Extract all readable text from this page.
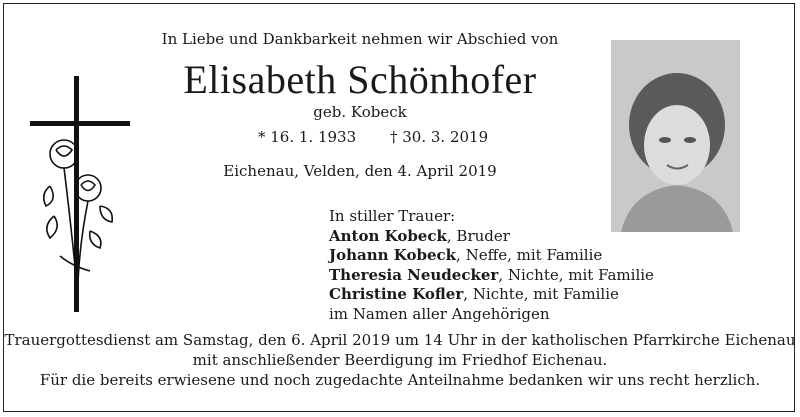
In Liebe und Dankbarkeit nehmen wir Abschied von
Elisabeth Schönhofer
geb. Kobeck
* 16. 1. 1933 † 30. 3. 2019
Eichenau, Velden, den 4. April 2019
In stiller Trauer:
Anton Kobeck, Bruder
Johann Kobeck, Neffe, mit Familie
Theresia Neudecker, Nichte, mit Familie
Christine Kofler, Nichte, mit Familie
im Namen aller Angehörigen
Trauergottesdienst am Samstag, den 6. April 2019 um 14 Uhr in der katholischen Pfarrkirche Eichenau
mit anschließender Beerdigung im Friedhof Eichenau.
Für die bereits erwiesene und noch zugedachte Anteilnahme bedanken wir uns recht herzlich.
